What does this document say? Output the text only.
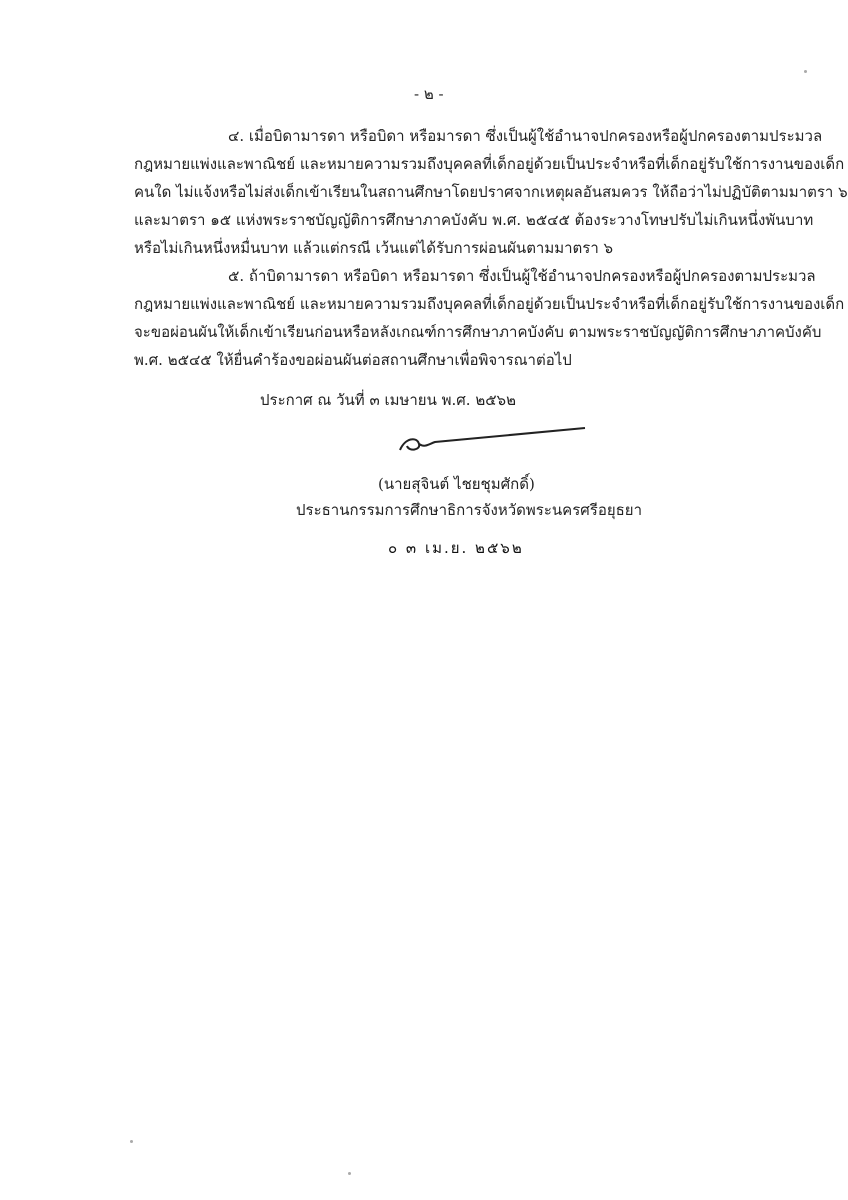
- ๒ -
๔. เมื่อบิดามารดา หรือบิดา หรือมารดา ซึ่งเป็นผู้ใช้อำนาจปกครองหรือผู้ปกครองตามประมวล
กฎหมายแพ่งและพาณิชย์ และหมายความรวมถึงบุคคลที่เด็กอยู่ด้วยเป็นประจำหรือที่เด็กอยู่รับใช้การงานของเด็ก
คนใด ไม่แจ้งหรือไม่ส่งเด็กเข้าเรียนในสถานศึกษาโดยปราศจากเหตุผลอันสมควร ให้ถือว่าไม่ปฏิบัติตามมาตรา ๖
และมาตรา ๑๕ แห่งพระราชบัญญัติการศึกษาภาคบังคับ พ.ศ. ๒๕๔๕ ต้องระวางโทษปรับไม่เกินหนึ่งพันบาท
หรือไม่เกินหนึ่งหมื่นบาท แล้วแต่กรณี เว้นแต่ได้รับการผ่อนผันตามมาตรา ๖
๕. ถ้าบิดามารดา หรือบิดา หรือมารดา ซึ่งเป็นผู้ใช้อำนาจปกครองหรือผู้ปกครองตามประมวล
กฎหมายแพ่งและพาณิชย์ และหมายความรวมถึงบุคคลที่เด็กอยู่ด้วยเป็นประจำหรือที่เด็กอยู่รับใช้การงานของเด็ก
จะขอผ่อนผันให้เด็กเข้าเรียนก่อนหรือหลังเกณฑ์การศึกษาภาคบังคับ ตามพระราชบัญญัติการศึกษาภาคบังคับ
พ.ศ. ๒๕๔๕ ให้ยื่นคำร้องขอผ่อนผันต่อสถานศึกษาเพื่อพิจารณาต่อไป
ประกาศ ณ วันที่ ๓ เมษายน พ.ศ. ๒๕๖๒
(นายสุจินต์ ไชยชุมศักดิ์)
ประธานกรรมการศึกษาธิการจังหวัดพระนครศรีอยุธยา
๐ ๓ เม.ย. ๒๕๖๒
